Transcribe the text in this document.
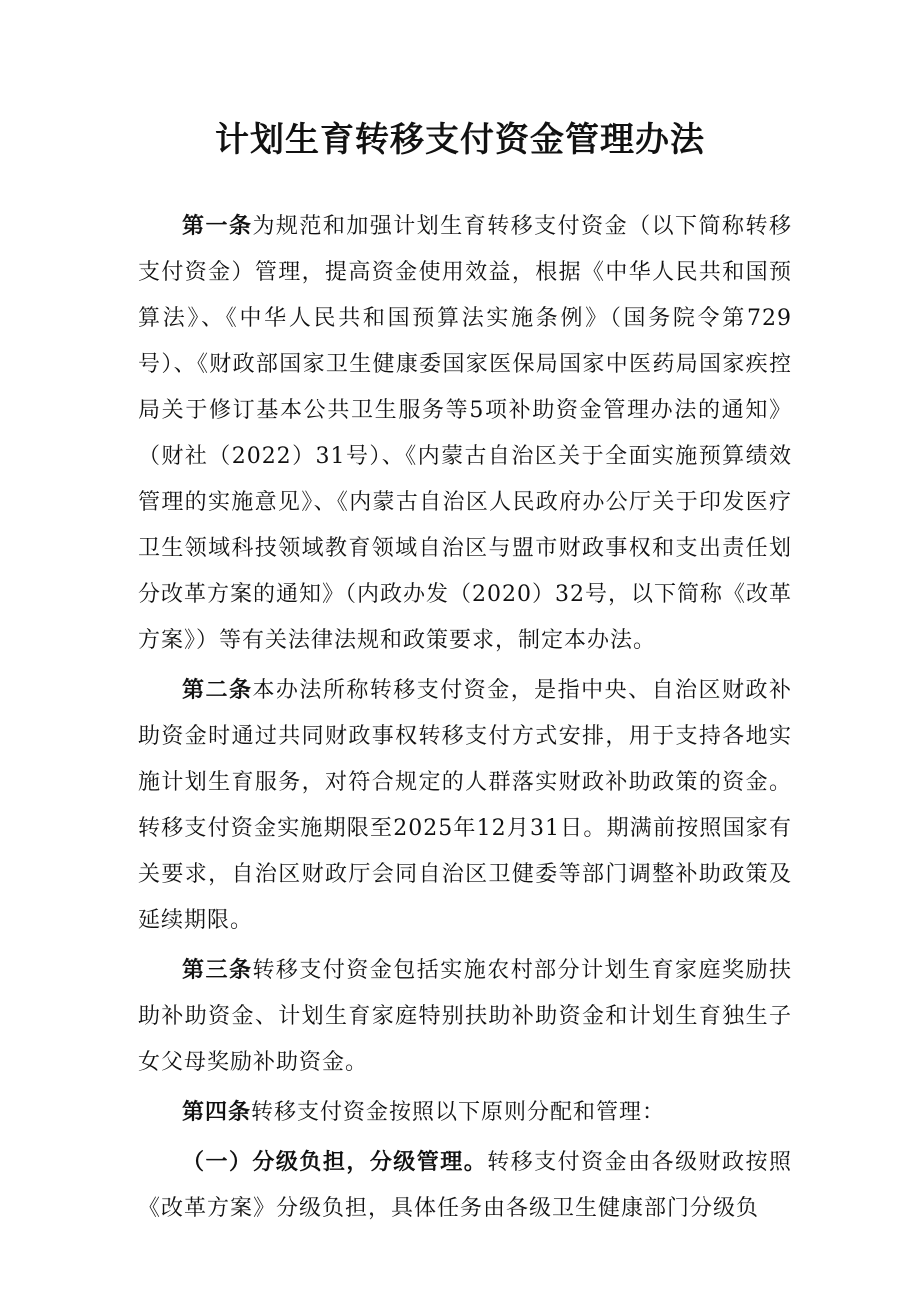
计划生育转移支付资金管理办法

第一条为规范和加强计划生育转移支付资金（以下简称转移支付资金）管理，提高资金使用效益，根据《中华人民共和国预算法》、《中华人民共和国预算法实施条例》（国务院令第729号）、《财政部国家卫生健康委国家医保局国家中医药局国家疾控局关于修订基本公共卫生服务等5项补助资金管理办法的通知》（财社（2022）31号）、《内蒙古自治区关于全面实施预算绩效管理的实施意见》、《内蒙古自治区人民政府办公厅关于印发医疗卫生领域科技领域教育领域自治区与盟市财政事权和支出责任划分改革方案的通知》（内政办发（2020）32号，以下简称《改革方案》）等有关法律法规和政策要求，制定本办法。

第二条本办法所称转移支付资金，是指中央、自治区财政补助资金时通过共同财政事权转移支付方式安排，用于支持各地实施计划生育服务，对符合规定的人群落实财政补助政策的资金。转移支付资金实施期限至2025年12月31日。期满前按照国家有关要求，自治区财政厅会同自治区卫健委等部门调整补助政策及延续期限。

第三条转移支付资金包括实施农村部分计划生育家庭奖励扶助补助资金、计划生育家庭特别扶助补助资金和计划生育独生子女父母奖励补助资金。

第四条转移支付资金按照以下原则分配和管理：

（一）分级负担，分级管理。转移支付资金由各级财政按照《改革方案》分级负担，具体任务由各级卫生健康部门分级负
